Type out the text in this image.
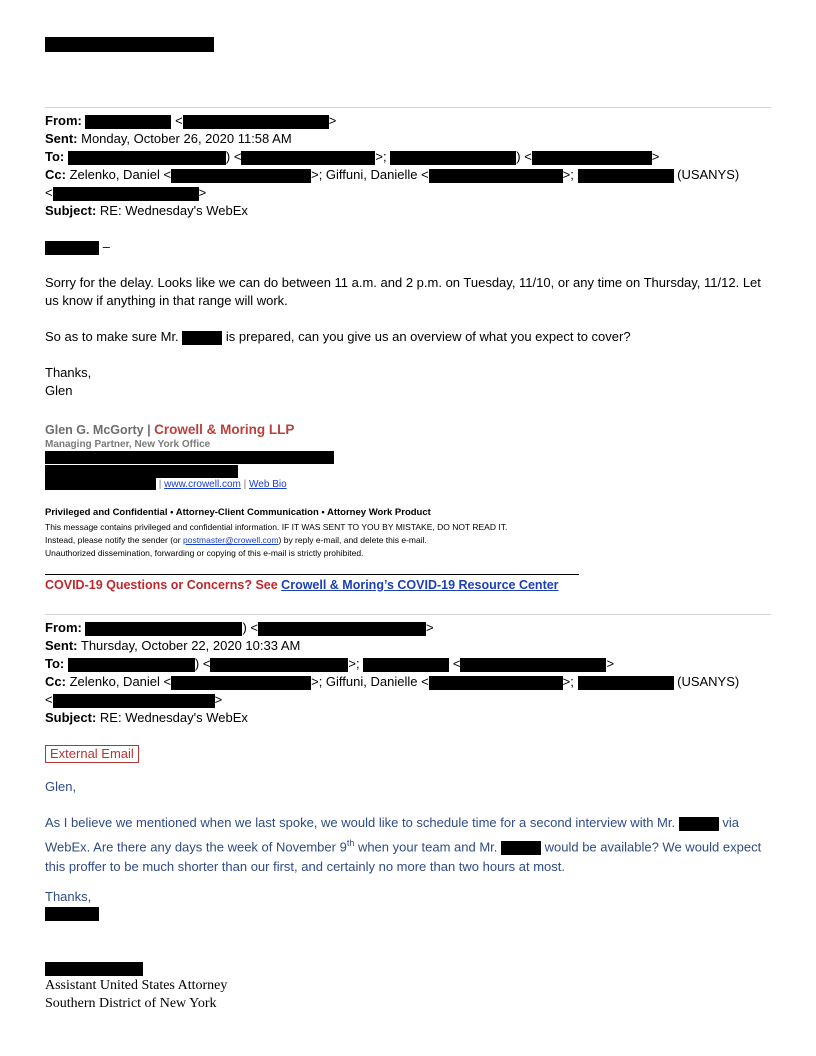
From:	<	>
Sent: Monday, October 26, 2020 11:58 AM
To:	) <	>;	) <	>
Cc: Zelenko, Daniel <	>; Giffuni, Danielle <	>;	(USANYS)
<	>
Subject: RE: Wednesday's WebEx
–
Sorry for the delay. Looks like we can do between 11 a.m. and 2 p.m. on Tuesday, 11/10, or any time on Thursday, 11/12. Let us know if anything in that range will work.
So as to make sure Mr.	is prepared, can you give us an overview of what you expect to cover?
Thanks,
Glen
Glen G. McGorty | Crowell & Moring LLP
Managing Partner, New York Office
| www.crowell.com | Web Bio
Privileged and Confidential • Attorney-Client Communication • Attorney Work Product
This message contains privileged and confidential information. IF IT WAS SENT TO YOU BY MISTAKE, DO NOT READ IT.
Instead, please notify the sender (or postmaster@crowell.com) by reply e-mail, and delete this e-mail.
Unauthorized dissemination, forwarding or copying of this e-mail is strictly prohibited.
COVID-19 Questions or Concerns? See Crowell & Moring’s COVID-19 Resource Center
From:	) <	>
Sent: Thursday, October 22, 2020 10:33 AM
To:	) <	>;	<	>
Cc: Zelenko, Daniel <	>; Giffuni, Danielle <	>;	(USANYS)
<	>
Subject: RE: Wednesday's WebEx
External Email
Glen,
As I believe we mentioned when we last spoke, we would like to schedule time for a second interview with Mr.	via WebEx. Are there any days the week of November 9th when your team and Mr.	would be available? We would expect this proffer to be much shorter than our first, and certainly no more than two hours at most.
Thanks,
Assistant United States Attorney
Southern District of New York
